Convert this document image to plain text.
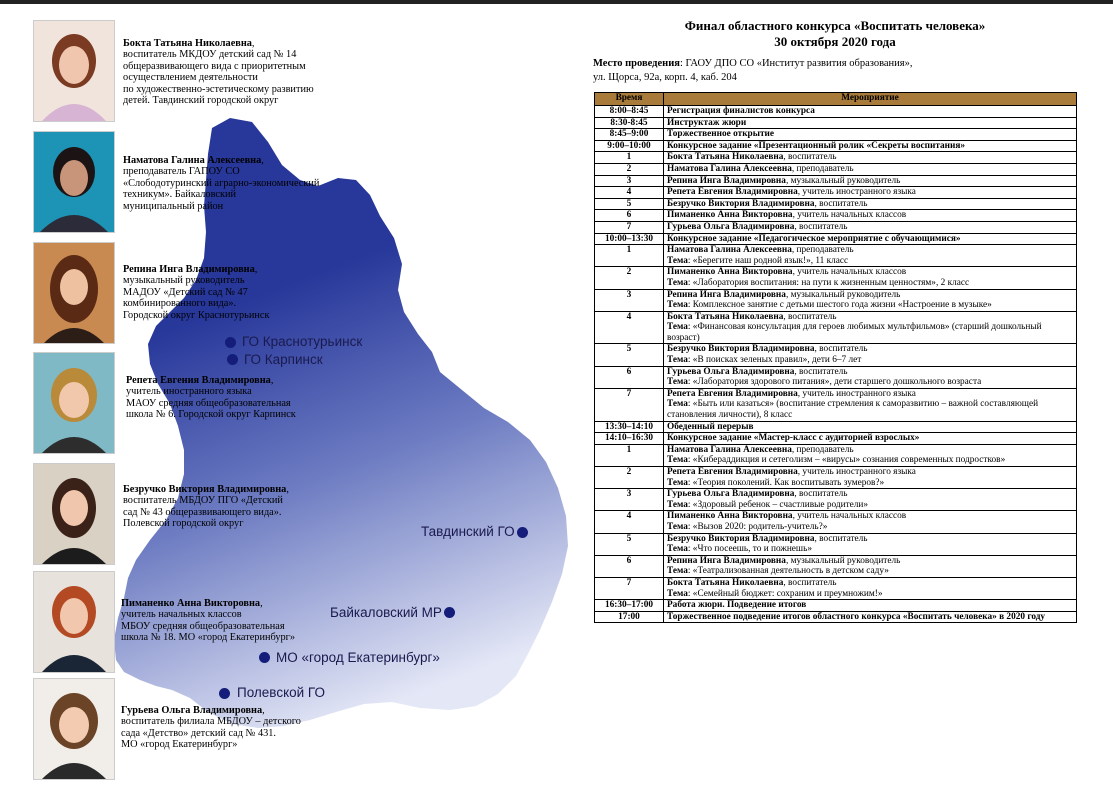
ГО Краснотурьинск
ГО Карпинск
Тавдинский ГО
Байкаловский МР
МО «город Екатеринбург»
Полевской ГО
Бокта Татьяна Николаевна,
воспитатель МКДОУ детский сад № 14
общеразвивающего вида с приоритетным
осуществлением деятельности
по художественно-эстетическому развитию
детей. Тавдинский городской округ
Наматова Галина Алексеевна,
преподаватель ГАПОУ СО
«Слободотуринский аграрно-экономический
техникум». Байкаловский
муниципальный район
Репина Инга Владимировна,
музыкальный руководитель
МАДОУ «Детский сад № 47
комбинированного вида».
Городской округ Краснотурьинск
Репета Евгения Владимировна,
учитель иностранного языка
МАОУ средняя общеобразовательная
школа № 6. Городской округ Карпинск
Безручко Виктория Владимировна,
воспитатель МБДОУ ПГО «Детский
сад № 43 общеразвивающего вида».
Полевской городской округ
Пиманенко Анна Викторовна,
учитель начальных классов
МБОУ средняя общеобразовательная
школа № 18. МО «город Екатеринбург»
Гурьева Ольга Владимировна,
воспитатель филиала МБДОУ – детского
сада «Детство» детский сад № 431.
МО «город Екатеринбург»
Финал областного конкурса «Воспитать человека»
30 октября 2020 года
Место проведения: ГАОУ ДПО СО «Институт развития образования»,
ул. Щорса, 92а, корп. 4, каб. 204
Время	Мероприятие
8:00–8:45	Регистрация финалистов конкурса
8:30-8:45	Инструктаж жюри
8:45–9:00	Торжественное открытие
9:00–10:00	Конкурсное задание «Презентационный ролик «Секреты воспитания»
1	Бокта Татьяна Николаевна, воспитатель
2	Наматова Галина Алексеевна, преподаватель
3	Репина Инга Владимировна, музыкальный руководитель
4	Репета Евгения Владимировна, учитель иностранного языка
5	Безручко Виктория Владимировна, воспитатель
6	Пиманенко Анна Викторовна, учитель начальных классов
7	Гурьева Ольга Владимировна, воспитатель
10:00–13:30	Конкурсное задание «Педагогическое мероприятие с обучающимися»
1	Наматова Галина Алексеевна, преподаватель
Тема: «Берегите наш родной язык!», 11 класс
2	Пиманенко Анна Викторовна, учитель начальных классов
Тема: «Лаборатория воспитания: на пути к жизненным ценностям», 2 класс
3	Репина Инга Владимировна, музыкальный руководитель
Тема: Комплексное занятие с детьми шестого года жизни «Настроение в музыке»
4	Бокта Татьяна Николаевна, воспитатель
Тема: «Финансовая консультация для героев любимых мультфильмов» (старший дошкольный возраст)
5	Безручко Виктория Владимировна, воспитатель
Тема: «В поисках зеленых правил», дети 6–7 лет
6	Гурьева Ольга Владимировна, воспитатель
Тема: «Лаборатория здорового питания», дети старшего дошкольного возраста
7	Репета Евгения Владимировна, учитель иностранного языка
Тема: «Быть или казаться» (воспитание стремления к саморазвитию – важной составляющей становления личности), 8 класс
13:30–14:10	Обеденный перерыв
14:10–16:30	Конкурсное задание «Мастер-класс с аудиторией взрослых»
1	Наматова Галина Алексеевна, преподаватель
Тема: «Кибераддикция и сетеголизм – «вирусы» сознания современных подростков»
2	Репета Евгения Владимировна, учитель иностранного языка
Тема: «Теория поколений. Как воспитывать зумеров?»
3	Гурьева Ольга Владимировна, воспитатель
Тема: «Здоровый ребенок – счастливые родители»
4	Пиманенко Анна Викторовна, учитель начальных классов
Тема: «Вызов 2020: родитель-учитель?»
5	Безручко Виктория Владимировна, воспитатель
Тема: «Что посеешь, то и пожнешь»
6	Репина Инга Владимировна, музыкальный руководитель
Тема: «Театрализованная деятельность в детском саду»
7	Бокта Татьяна Николаевна, воспитатель
Тема: «Семейный бюджет: сохраним и преумножим!»
16:30–17:00	Работа жюри. Подведение итогов
17:00	Торжественное подведение итогов областного конкурса «Воспитать человека» в 2020 году
